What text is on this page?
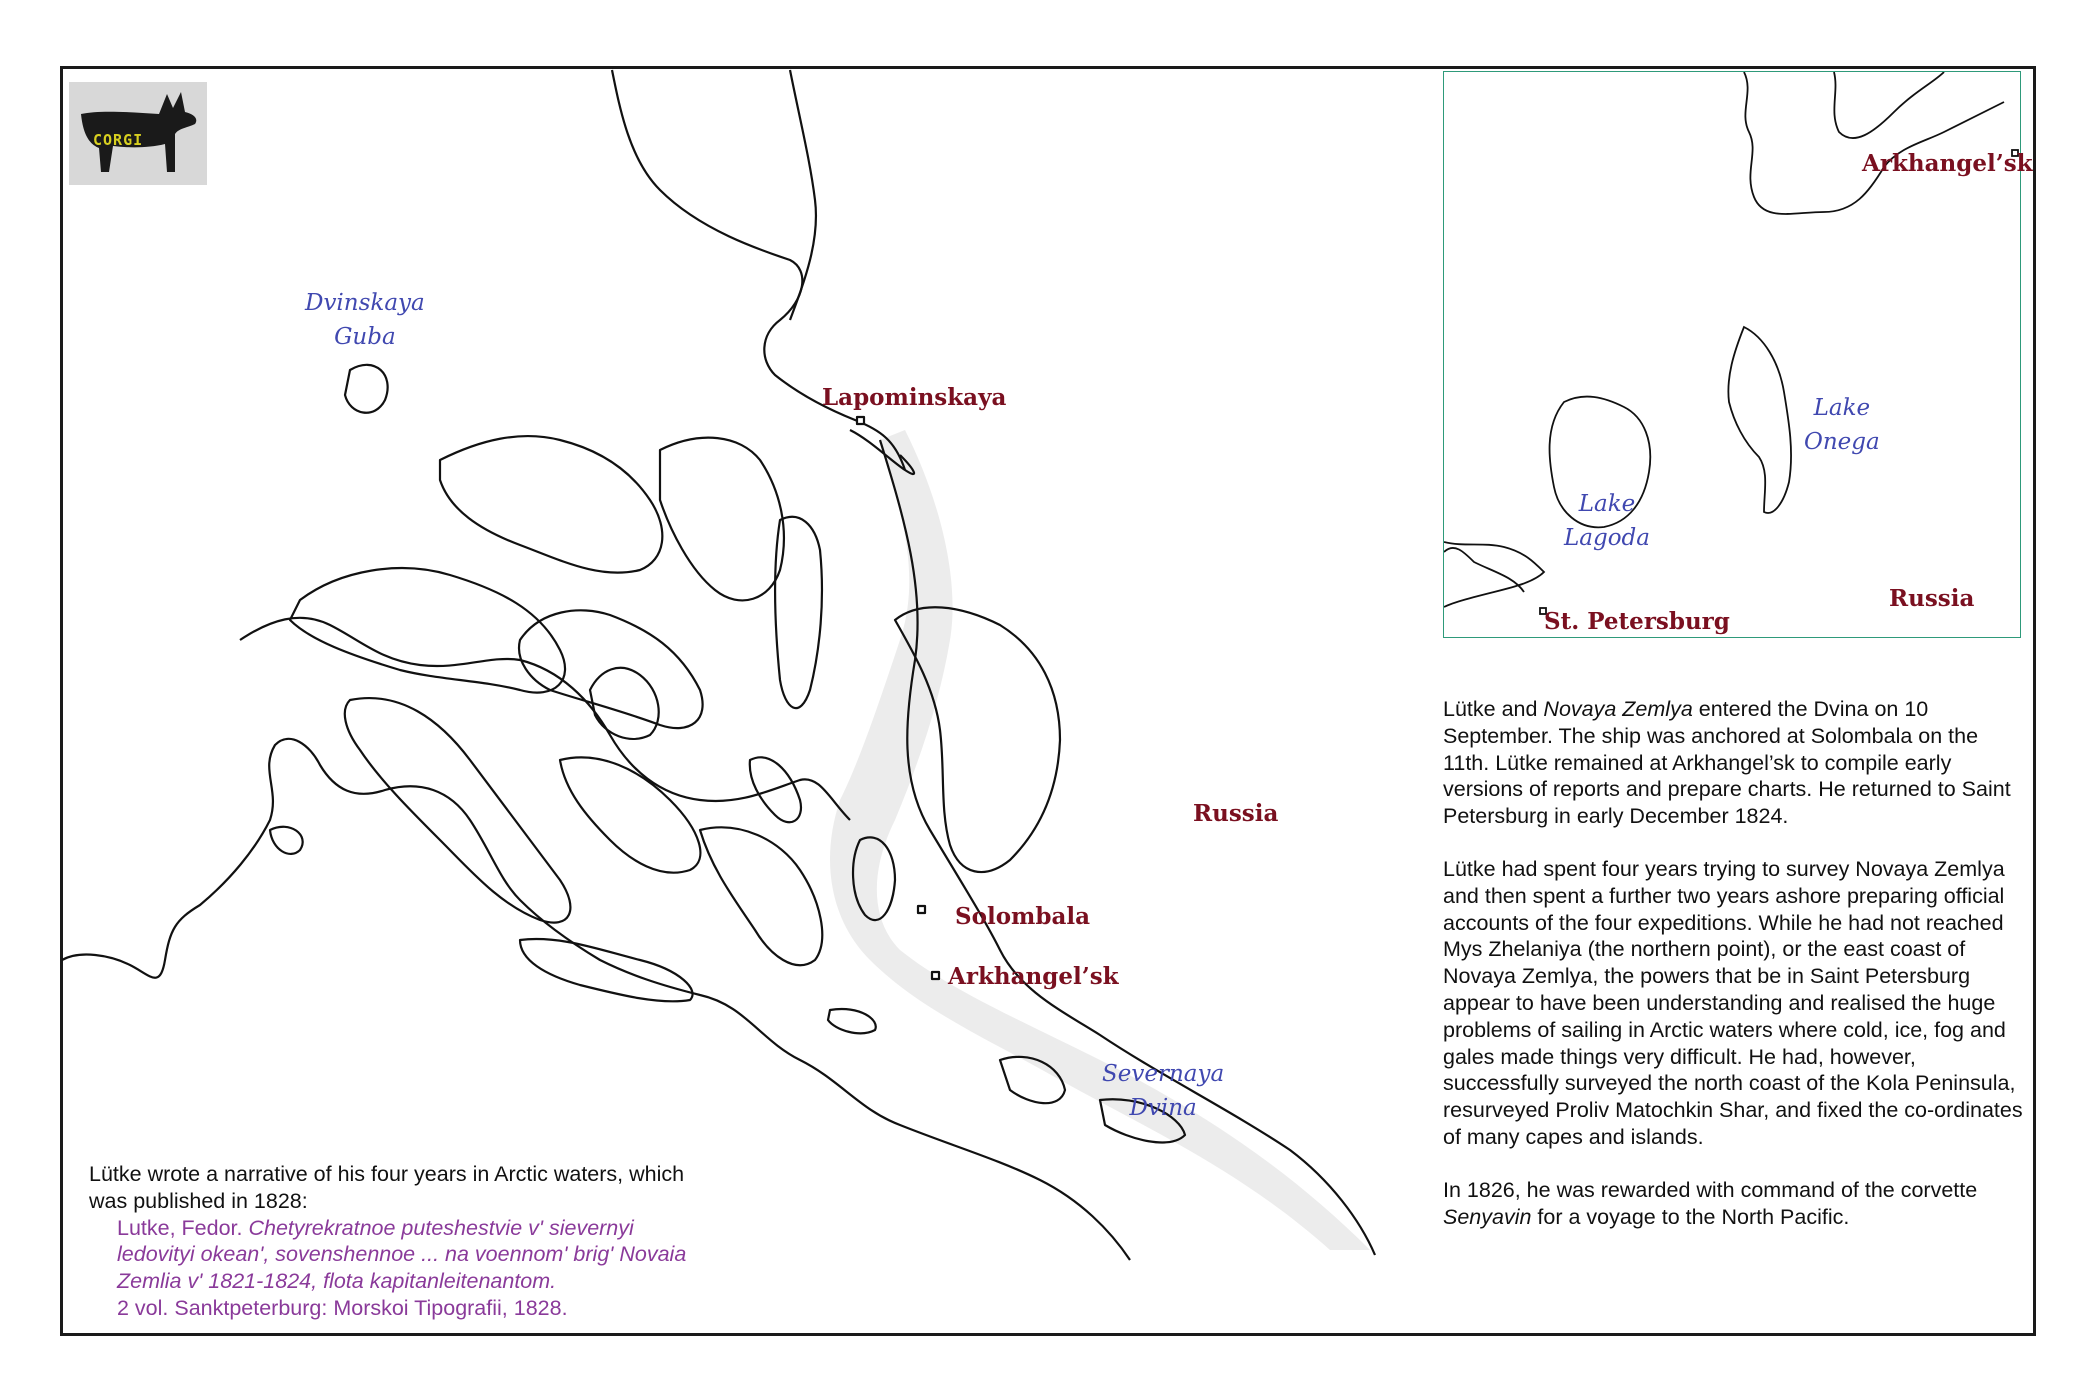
CORGI
Dvinskaya
Guba
Lapominskaya
Russia
Solombala
Arkhangel’sk
Severnaya
Dvina
Arkhangel’sk
Lake
Onega
Lake
Lagoda
Russia
St. Petersburg

Lütke and Novaya Zemlya entered the Dvina on 10 September. The ship was anchored at Solombala on the 11th. Lütke remained at Arkhangel’sk to compile early versions of reports and prepare charts. He returned to Saint Petersburg in early December 1824.

Lütke had spent four years trying to survey Novaya Zemlya and then spent a further two years ashore preparing official accounts of the four expeditions. While he had not reached Mys Zhelaniya (the northern point), or the east coast of Novaya Zemlya, the powers that be in Saint Petersburg appear to have been understanding and realised the huge problems of sailing in Arctic waters where cold, ice, fog and gales made things very difficult. He had, however, successfully surveyed the north coast of the Kola Peninsula, resurveyed Proliv Matochkin Shar, and fixed the co-ordinates of many capes and islands.

In 1826, he was rewarded with command of the corvette Senyavin for a voyage to the North Pacific.

Lütke wrote a narrative of his four years in Arctic waters, which was published in 1828:
Lutke, Fedor. Chetyrekratnoe puteshestvie v' sievernyi ledovityi okean', sovenshennoe ... na voennom' brig' Novaia Zemlia v' 1821-1824, flota kapitanleitenantom.
2 vol. Sanktpeterburg: Morskoi Tipografii, 1828.
